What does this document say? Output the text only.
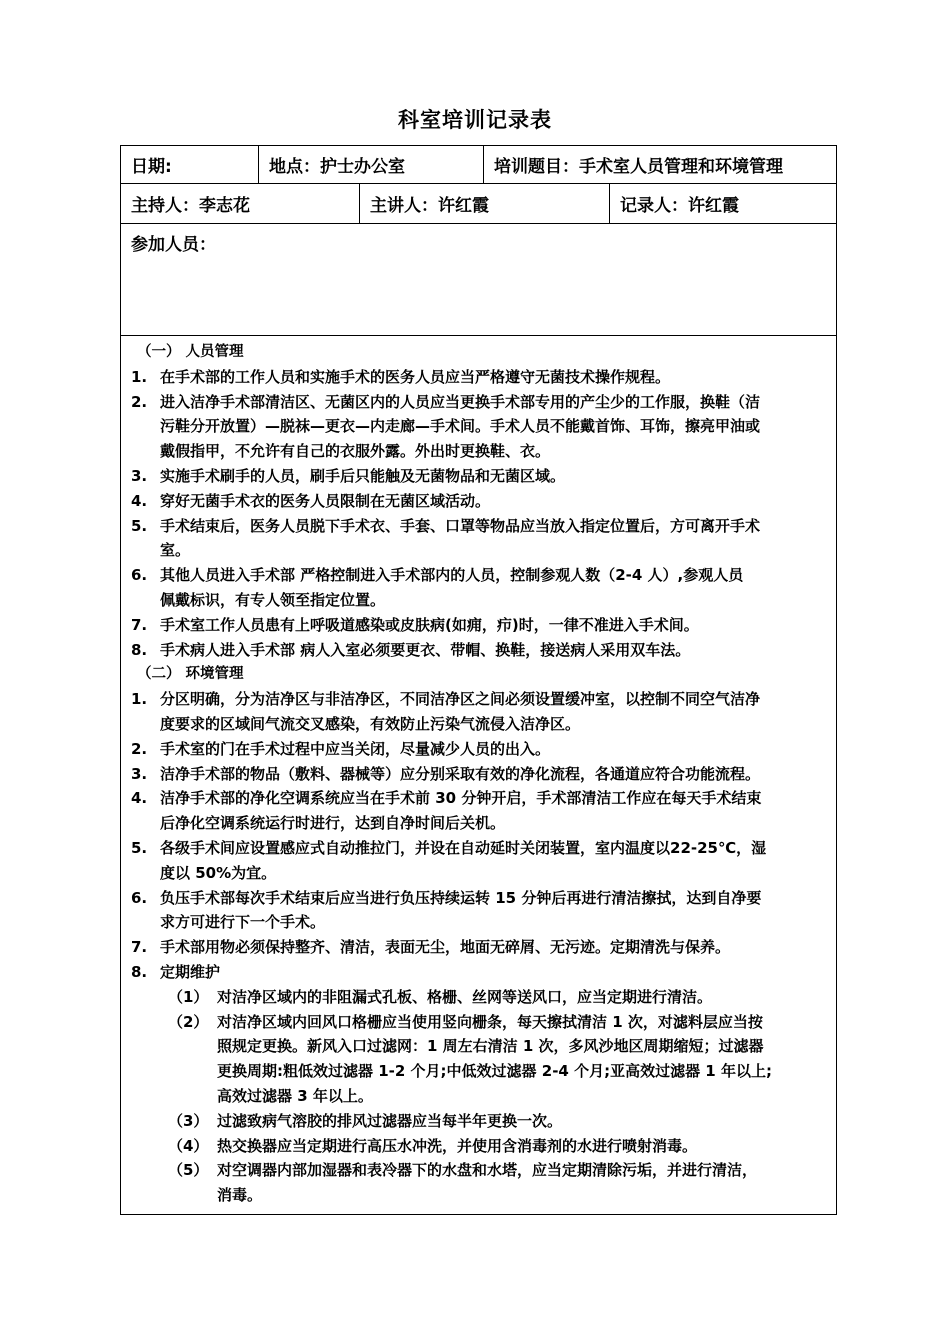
科室培训记录表
日期:	地点：护士办公室	培训题目：手术室人员管理和环境管理
主持人：李志花	主讲人：许红霞	记录人：许红霞
参加人员：
（一） 人员管理
1. 在手术部的工作人员和实施手术的医务人员应当严格遵守无菌技术操作规程。
2. 进入洁净手术部清洁区、无菌区内的人员应当更换手术部专用的产尘少的工作服，换鞋（洁
污鞋分开放置）—脱袜—更衣—内走廊—手术间。手术人员不能戴首饰、耳饰，擦亮甲油或
戴假指甲，不允许有自己的衣服外露。外出时更换鞋、衣。
3. 实施手术刷手的人员，刷手后只能触及无菌物品和无菌区域。
4. 穿好无菌手术衣的医务人员限制在无菌区域活动。
5. 手术结束后，医务人员脱下手术衣、手套、口罩等物品应当放入指定位置后，方可离开手术
室。
6. 其他人员进入手术部 严格控制进入手术部内的人员，控制参观人数（2-4 人）,参观人员
佩戴标识，有专人领至指定位置。
7. 手术室工作人员患有上呼吸道感染或皮肤病(如痈，疖)时，一律不准进入手术间。
8. 手术病人进入手术部 病人入室必须要更衣、带帽、换鞋，接送病人采用双车法。
（二） 环境管理
1. 分区明确，分为洁净区与非洁净区，不同洁净区之间必须设置缓冲室，以控制不同空气洁净
度要求的区域间气流交叉感染，有效防止污染气流侵入洁净区。
2. 手术室的门在手术过程中应当关闭，尽量减少人员的出入。
3. 洁净手术部的物品（敷料、器械等）应分别采取有效的净化流程，各通道应符合功能流程。
4. 洁净手术部的净化空调系统应当在手术前 30 分钟开启，手术部清洁工作应在每天手术结束
后净化空调系统运行时进行，达到自净时间后关机。
5. 各级手术间应设置感应式自动推拉门，并设在自动延时关闭装置，室内温度以22-25℃，湿
度以 50%为宜。
6. 负压手术部每次手术结束后应当进行负压持续运转 15 分钟后再进行清洁擦拭，达到自净要
求方可进行下一个手术。
7. 手术部用物必须保持整齐、清洁，表面无尘，地面无碎屑、无污迹。定期清洗与保养。
8. 定期维护
（1） 对洁净区域内的非阻漏式孔板、格栅、丝网等送风口，应当定期进行清洁。
（2） 对洁净区域内回风口格栅应当使用竖向栅条，每天擦拭清洁 1 次，对滤料层应当按
照规定更换。新风入口过滤网：1 周左右清洁 1 次，多风沙地区周期缩短；过滤器
更换周期:粗低效过滤器 1-2 个月;中低效过滤器 2-4 个月;亚高效过滤器 1 年以上;
高效过滤器 3 年以上。
（3） 过滤致病气溶胶的排风过滤器应当每半年更换一次。
（4） 热交换器应当定期进行高压水冲洗，并使用含消毒剂的水进行喷射消毒。
（5） 对空调器内部加湿器和表冷器下的水盘和水塔，应当定期清除污垢，并进行清洁，
消毒。
